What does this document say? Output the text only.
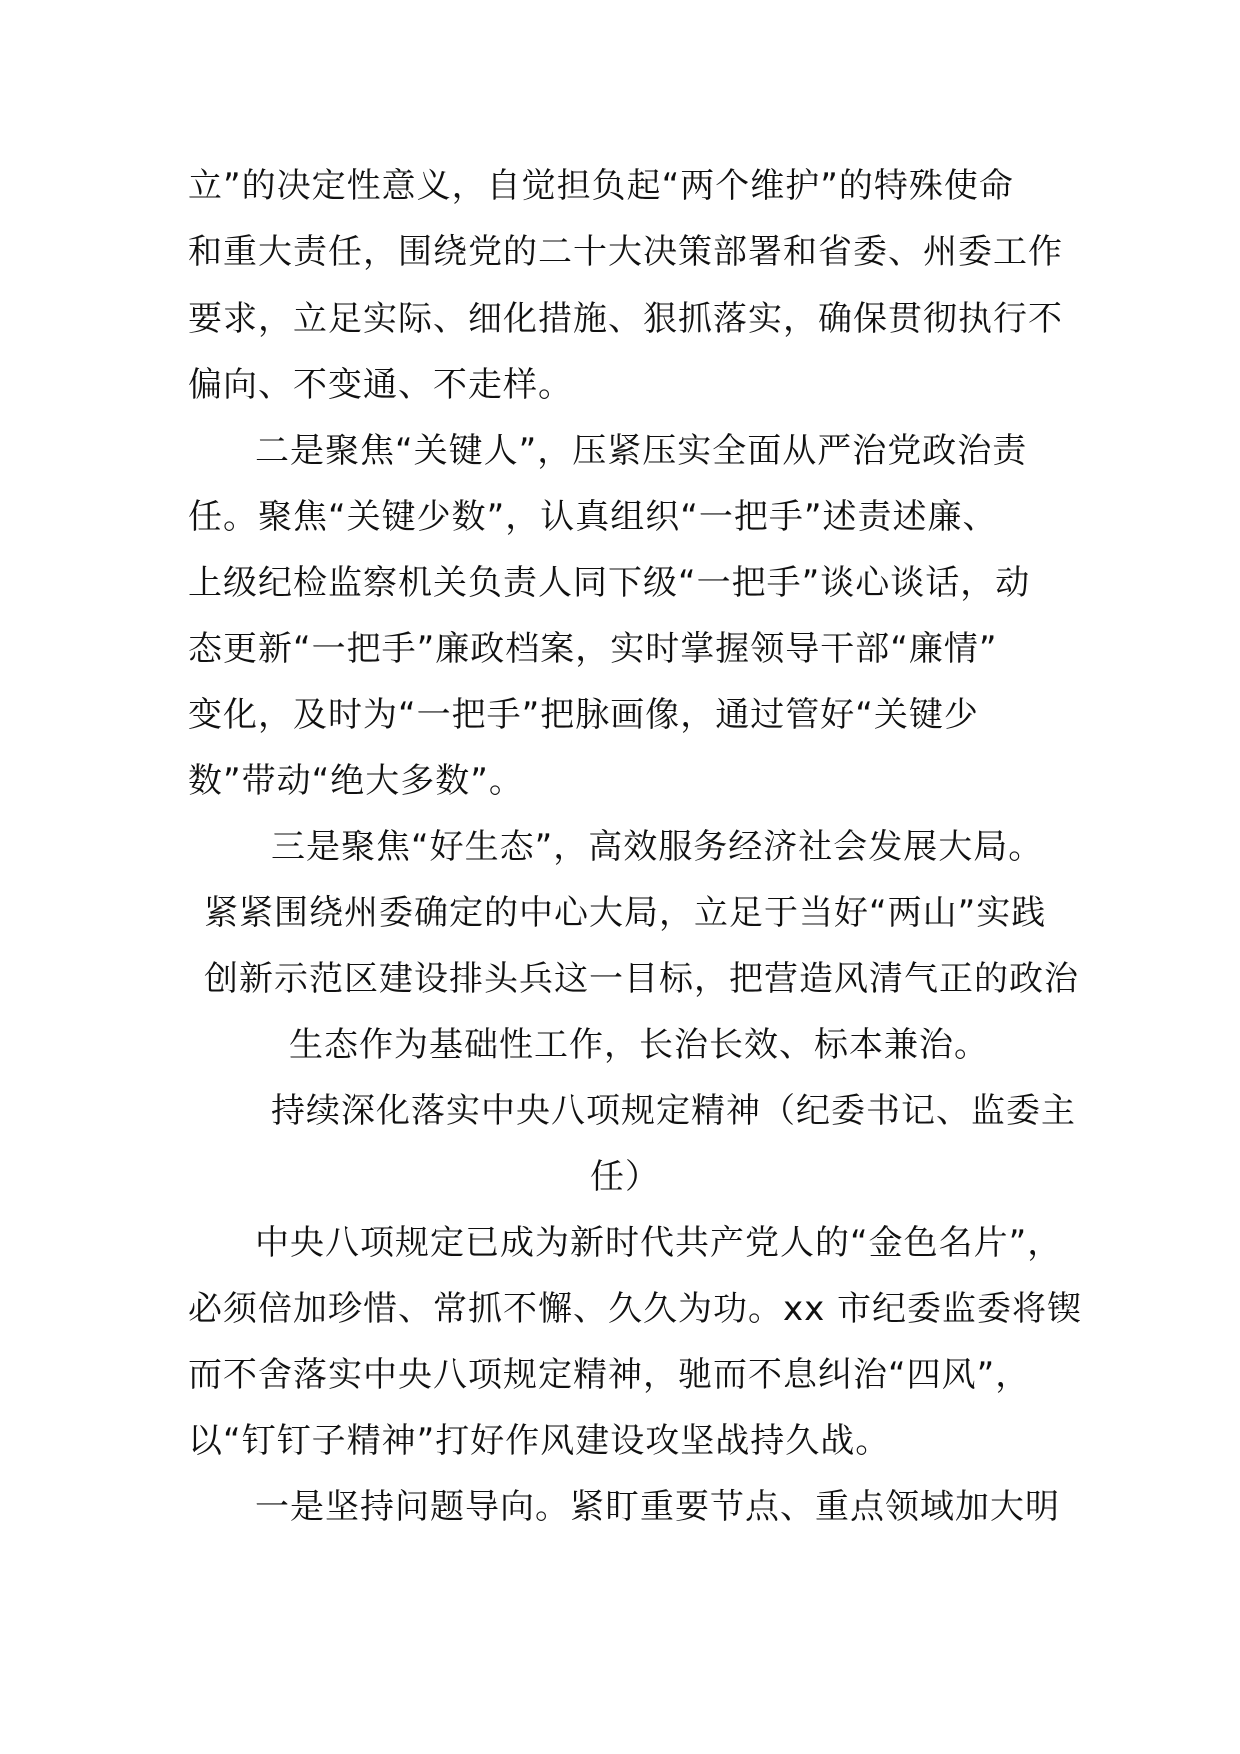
立”的决定性意义，自觉担负起“两个维护”的特殊使命
和重大责任，围绕党的二十大决策部署和省委、州委工作
要求，立足实际、细化措施、狠抓落实，确保贯彻执行不
偏向、不变通、不走样。
二是聚焦“关键人”，压紧压实全面从严治党政治责
任。聚焦“关键少数”，认真组织“一把手”述责述廉、
上级纪检监察机关负责人同下级“一把手”谈心谈话，动
态更新“一把手”廉政档案，实时掌握领导干部“廉情”
变化，及时为“一把手”把脉画像，通过管好“关键少
数”带动“绝大多数”。
三是聚焦“好生态”，高效服务经济社会发展大局。
紧紧围绕州委确定的中心大局，立足于当好“两山”实践
创新示范区建设排头兵这一目标，把营造风清气正的政治
生态作为基础性工作，长治长效、标本兼治。
持续深化落实中央八项规定精神（纪委书记、监委主
任）
中央八项规定已成为新时代共产党人的“金色名片”，
必须倍加珍惜、常抓不懈、久久为功。xx 市纪委监委将锲
而不舍落实中央八项规定精神，驰而不息纠治“四风”，
以“钉钉子精神”打好作风建设攻坚战持久战。
一是坚持问题导向。紧盯重要节点、重点领域加大明
